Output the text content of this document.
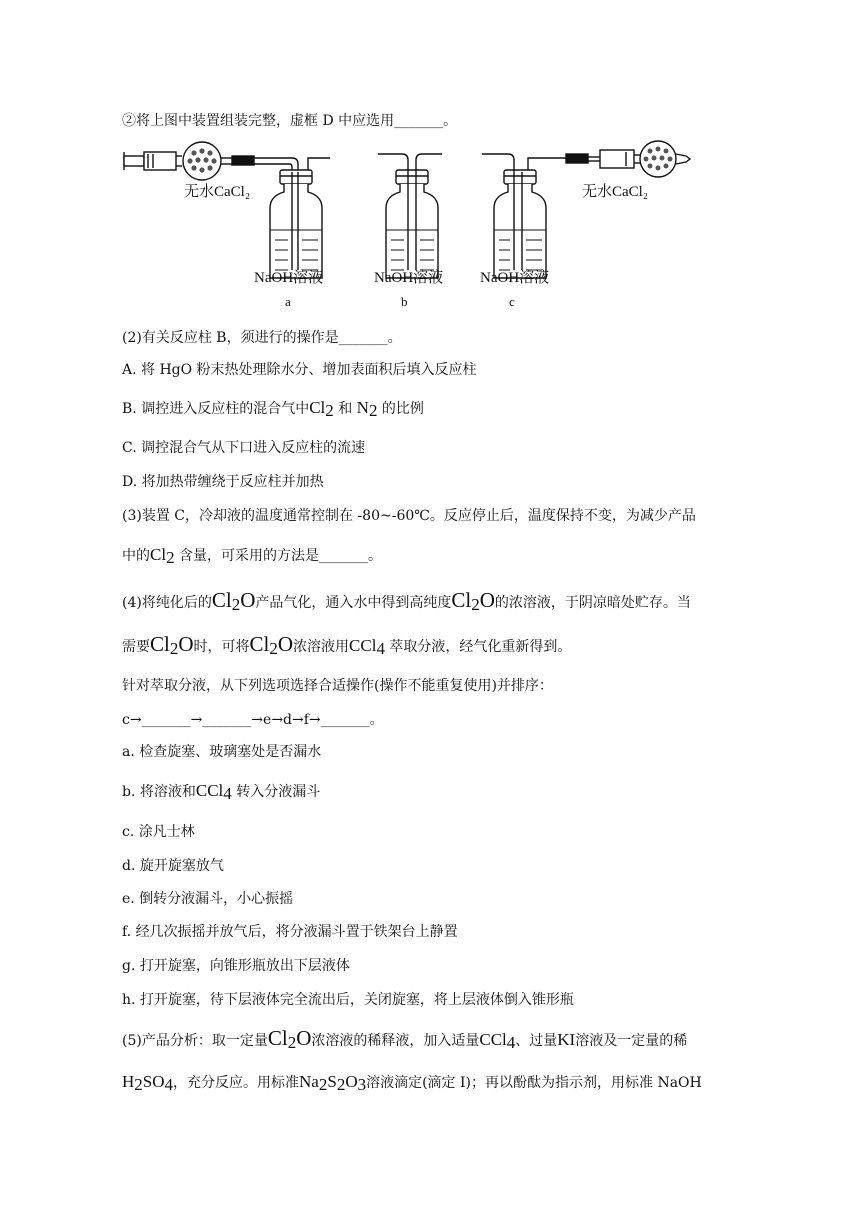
②将上图中装置组装完整，虚框 D 中应选用_______。
无水CaCl₂	无水CaCl₂
NaOH溶液	NaOH溶液 NaOH溶液
a	b	c
(2)有关反应柱 B，须进行的操作是_______。
A. 将 HgO 粉末热处理除水分、增加表面积后填入反应柱
B. 调控进入反应柱的混合气中$Cl_2$ 和 $N_2$ 的比例
C. 调控混合气从下口进入反应柱的流速
D. 将加热带缠绕于反应柱并加热
(3)装置 C，冷却液的温度通常控制在 -80~-60℃。反应停止后，温度保持不变，为减少产品
中的$Cl_2$ 含量，可采用的方法是_______。
(4)将纯化后的$Cl_2O$产品气化，通入水中得到高纯度$Cl_2O$的浓溶液，于阴凉暗处贮存。当
需要$Cl_2O$时，可将$Cl_2O$浓溶液用CCl$_4$ 萃取分液，经气化重新得到。
针对萃取分液，从下列选项选择合适操作(操作不能重复使用)并排序：
c→_______→_______→e→d→f→_______。
a. 检查旋塞、玻璃塞处是否漏水
b. 将溶液和CCl$_4$ 转入分液漏斗
c. 涂凡士林
d. 旋开旋塞放气
e. 倒转分液漏斗，小心振摇
f. 经几次振摇并放气后，将分液漏斗置于铁架台上静置
g. 打开旋塞，向锥形瓶放出下层液体
h. 打开旋塞，待下层液体完全流出后，关闭旋塞，将上层液体倒入锥形瓶
(5)产品分析：取一定量$Cl_2O$浓溶液的稀释液，加入适量CCl$_4$、过量KI溶液及一定量的稀
$H_2SO_4$，充分反应。用标准$Na_2S_2O_3$溶液滴定(滴定 I)；再以酚酞为指示剂，用标准 NaOH
